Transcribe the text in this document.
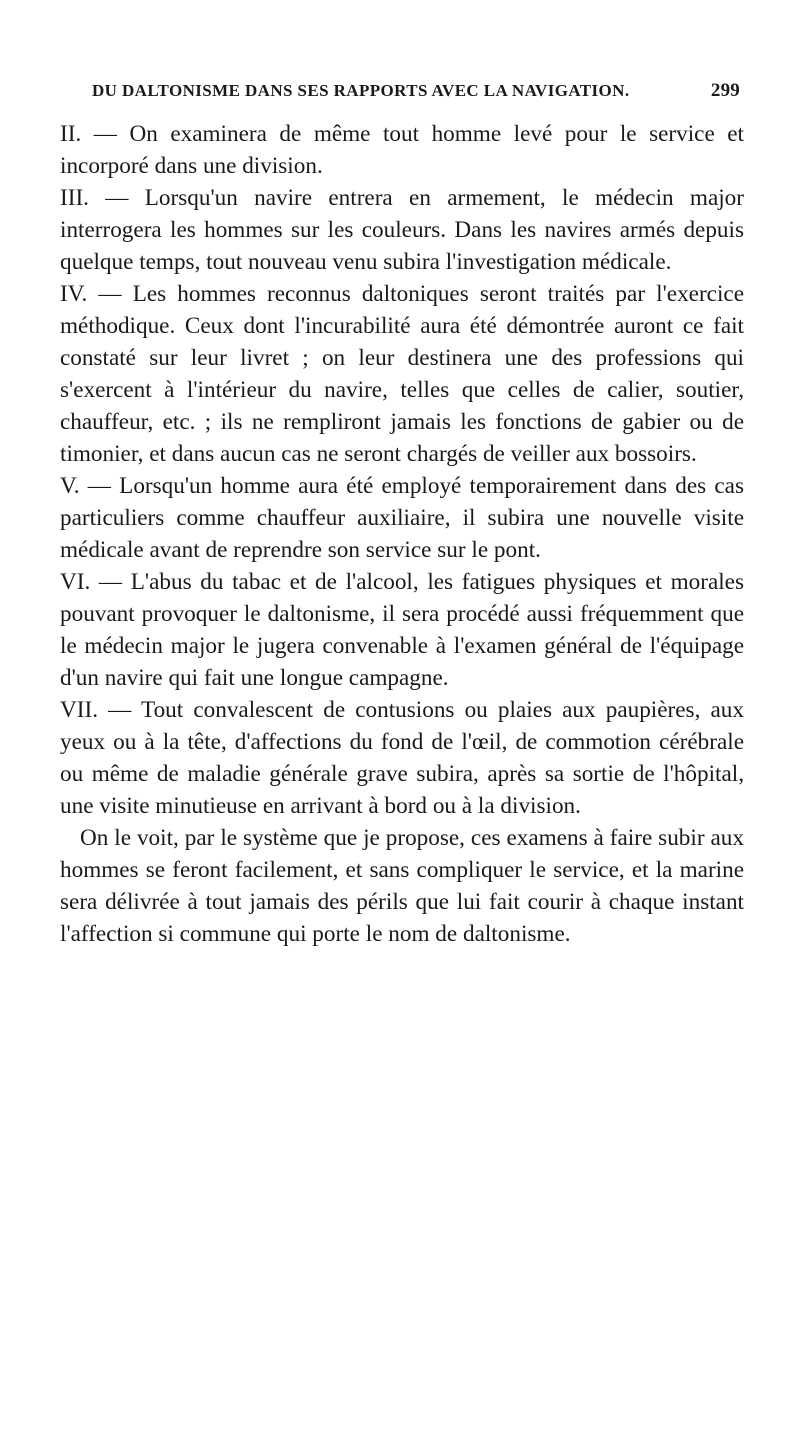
DU DALTONISME DANS SES RAPPORTS AVEC LA NAVIGATION.	299

II. — On examinera de même tout homme levé pour le service et incorporé dans une division.

III. — Lorsqu'un navire entrera en armement, le médecin major interrogera les hommes sur les couleurs. Dans les navires armés depuis quelque temps, tout nouveau venu subira l'investigation médicale.

IV. — Les hommes reconnus daltoniques seront traités par l'exercice méthodique. Ceux dont l'incurabilité aura été démontrée auront ce fait constaté sur leur livret ; on leur destinera une des professions qui s'exercent à l'intérieur du navire, telles que celles de calier, soutier, chauffeur, etc. ; ils ne rempliront jamais les fonctions de gabier ou de timonier, et dans aucun cas ne seront chargés de veiller aux bossoirs.

V. — Lorsqu'un homme aura été employé temporairement dans des cas particuliers comme chauffeur auxiliaire, il subira une nouvelle visite médicale avant de reprendre son service sur le pont.

VI. — L'abus du tabac et de l'alcool, les fatigues physiques et morales pouvant provoquer le daltonisme, il sera procédé aussi fréquemment que le médecin major le jugera convenable à l'examen général de l'équipage d'un navire qui fait une longue campagne.

VII. — Tout convalescent de contusions ou plaies aux paupières, aux yeux ou à la tête, d'affections du fond de l'œil, de commotion cérébrale ou même de maladie générale grave subira, après sa sortie de l'hôpital, une visite minutieuse en arrivant à bord ou à la division.

On le voit, par le système que je propose, ces examens à faire subir aux hommes se feront facilement, et sans compliquer le service, et la marine sera délivrée à tout jamais des périls que lui fait courir à chaque instant l'affection si commune qui porte le nom de daltonisme.
